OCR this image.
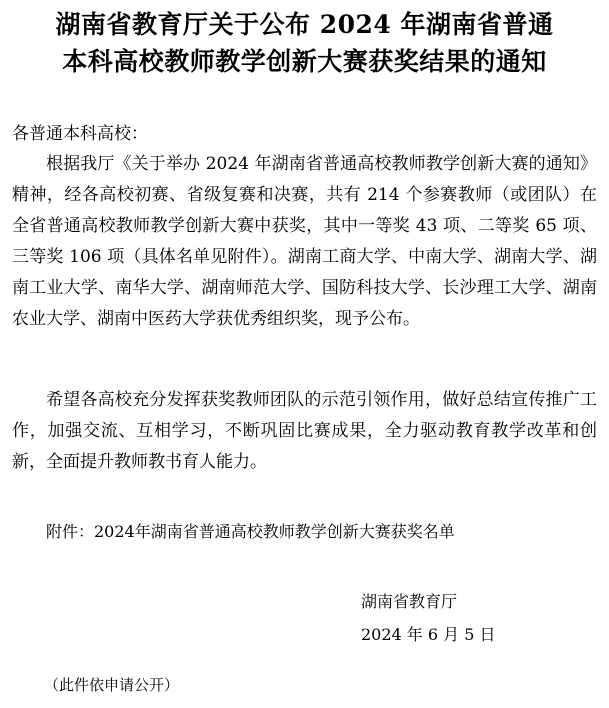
湖南省教育厅关于公布 2024 年湖南省普通
本科高校教师教学创新大赛获奖结果的通知
各普通本科高校：
根据我厅《关于举办 2024 年湖南省普通高校教师教学创新大赛的通知》精神，经各高校初赛、省级复赛和决赛，共有 214 个参赛教师（或团队）在全省普通高校教师教学创新大赛中获奖，其中一等奖 43 项、二等奖 65 项、三等奖 106 项（具体名单见附件）。湖南工商大学、中南大学、湖南大学、湖南工业大学、南华大学、湖南师范大学、国防科技大学、长沙理工大学、湖南农业大学、湖南中医药大学获优秀组织奖，现予公布。
希望各高校充分发挥获奖教师团队的示范引领作用，做好总结宣传推广工作，加强交流、互相学习，不断巩固比赛成果，全力驱动教育教学改革和创新，全面提升教师教书育人能力。
附件：2024年湖南省普通高校教师教学创新大赛获奖名单
湖南省教育厅
2024 年 6 月 5 日
（此件依申请公开）
